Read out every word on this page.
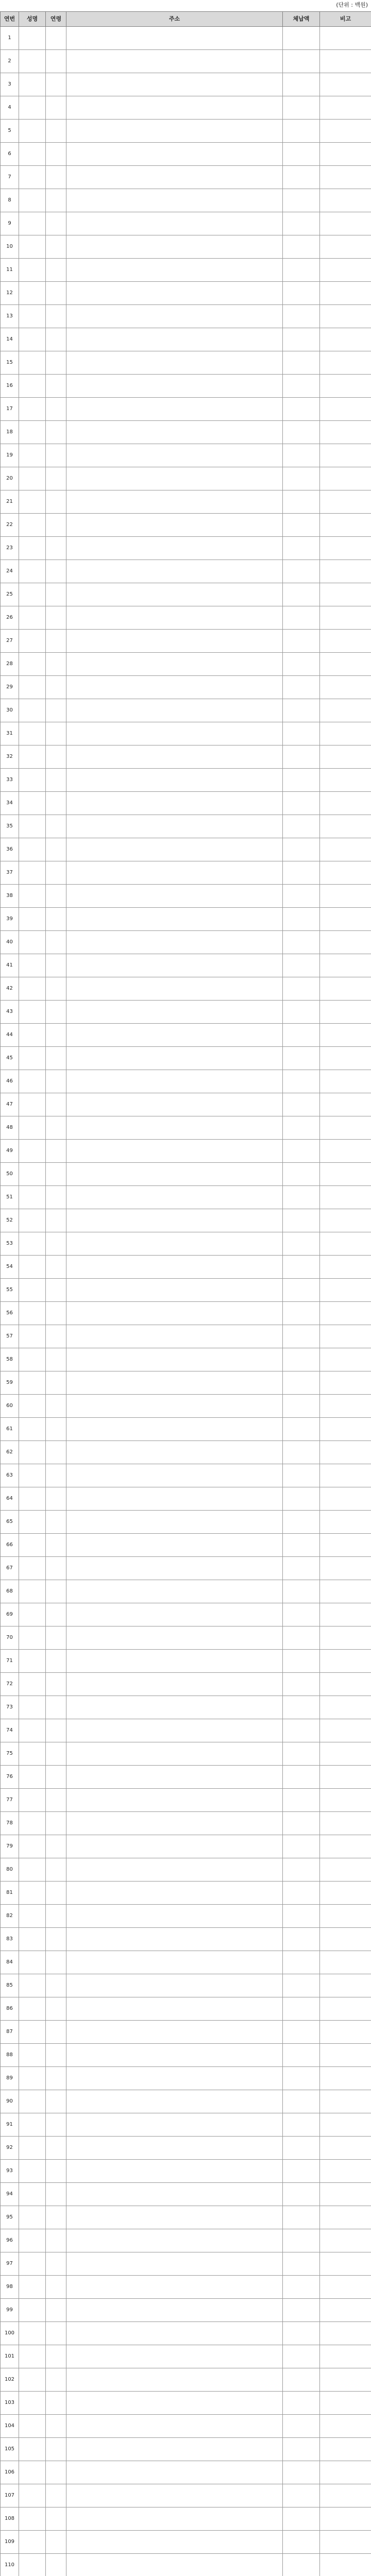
(단위 : 백원)
연번	성명	연령	주소	체납액	비고
1					
2					
3					
4					
5					
6					
7					
8					
9					
10					
11					
12					
13					
14					
15					
16					
17					
18					
19					
20					
21					
22					
23					
24					
25					
26					
27					
28					
29					
30					
31					
32					
33					
34					
35					
36					
37					
38					
39					
40					
41					
42					
43					
44					
45					
46					
47					
48					
49					
50					
51					
52					
53					
54					
55					
56					
57					
58					
59					
60					
61					
62					
63					
64					
65					
66					
67					
68					
69					
70					
71					
72					
73					
74					
75					
76					
77					
78					
79					
80					
81					
82					
83					
84					
85					
86					
87					
88					
89					
90					
91					
92					
93					
94					
95					
96					
97					
98					
99					
100					
101					
102					
103					
104					
105					
106					
107					
108					
109					
110					
